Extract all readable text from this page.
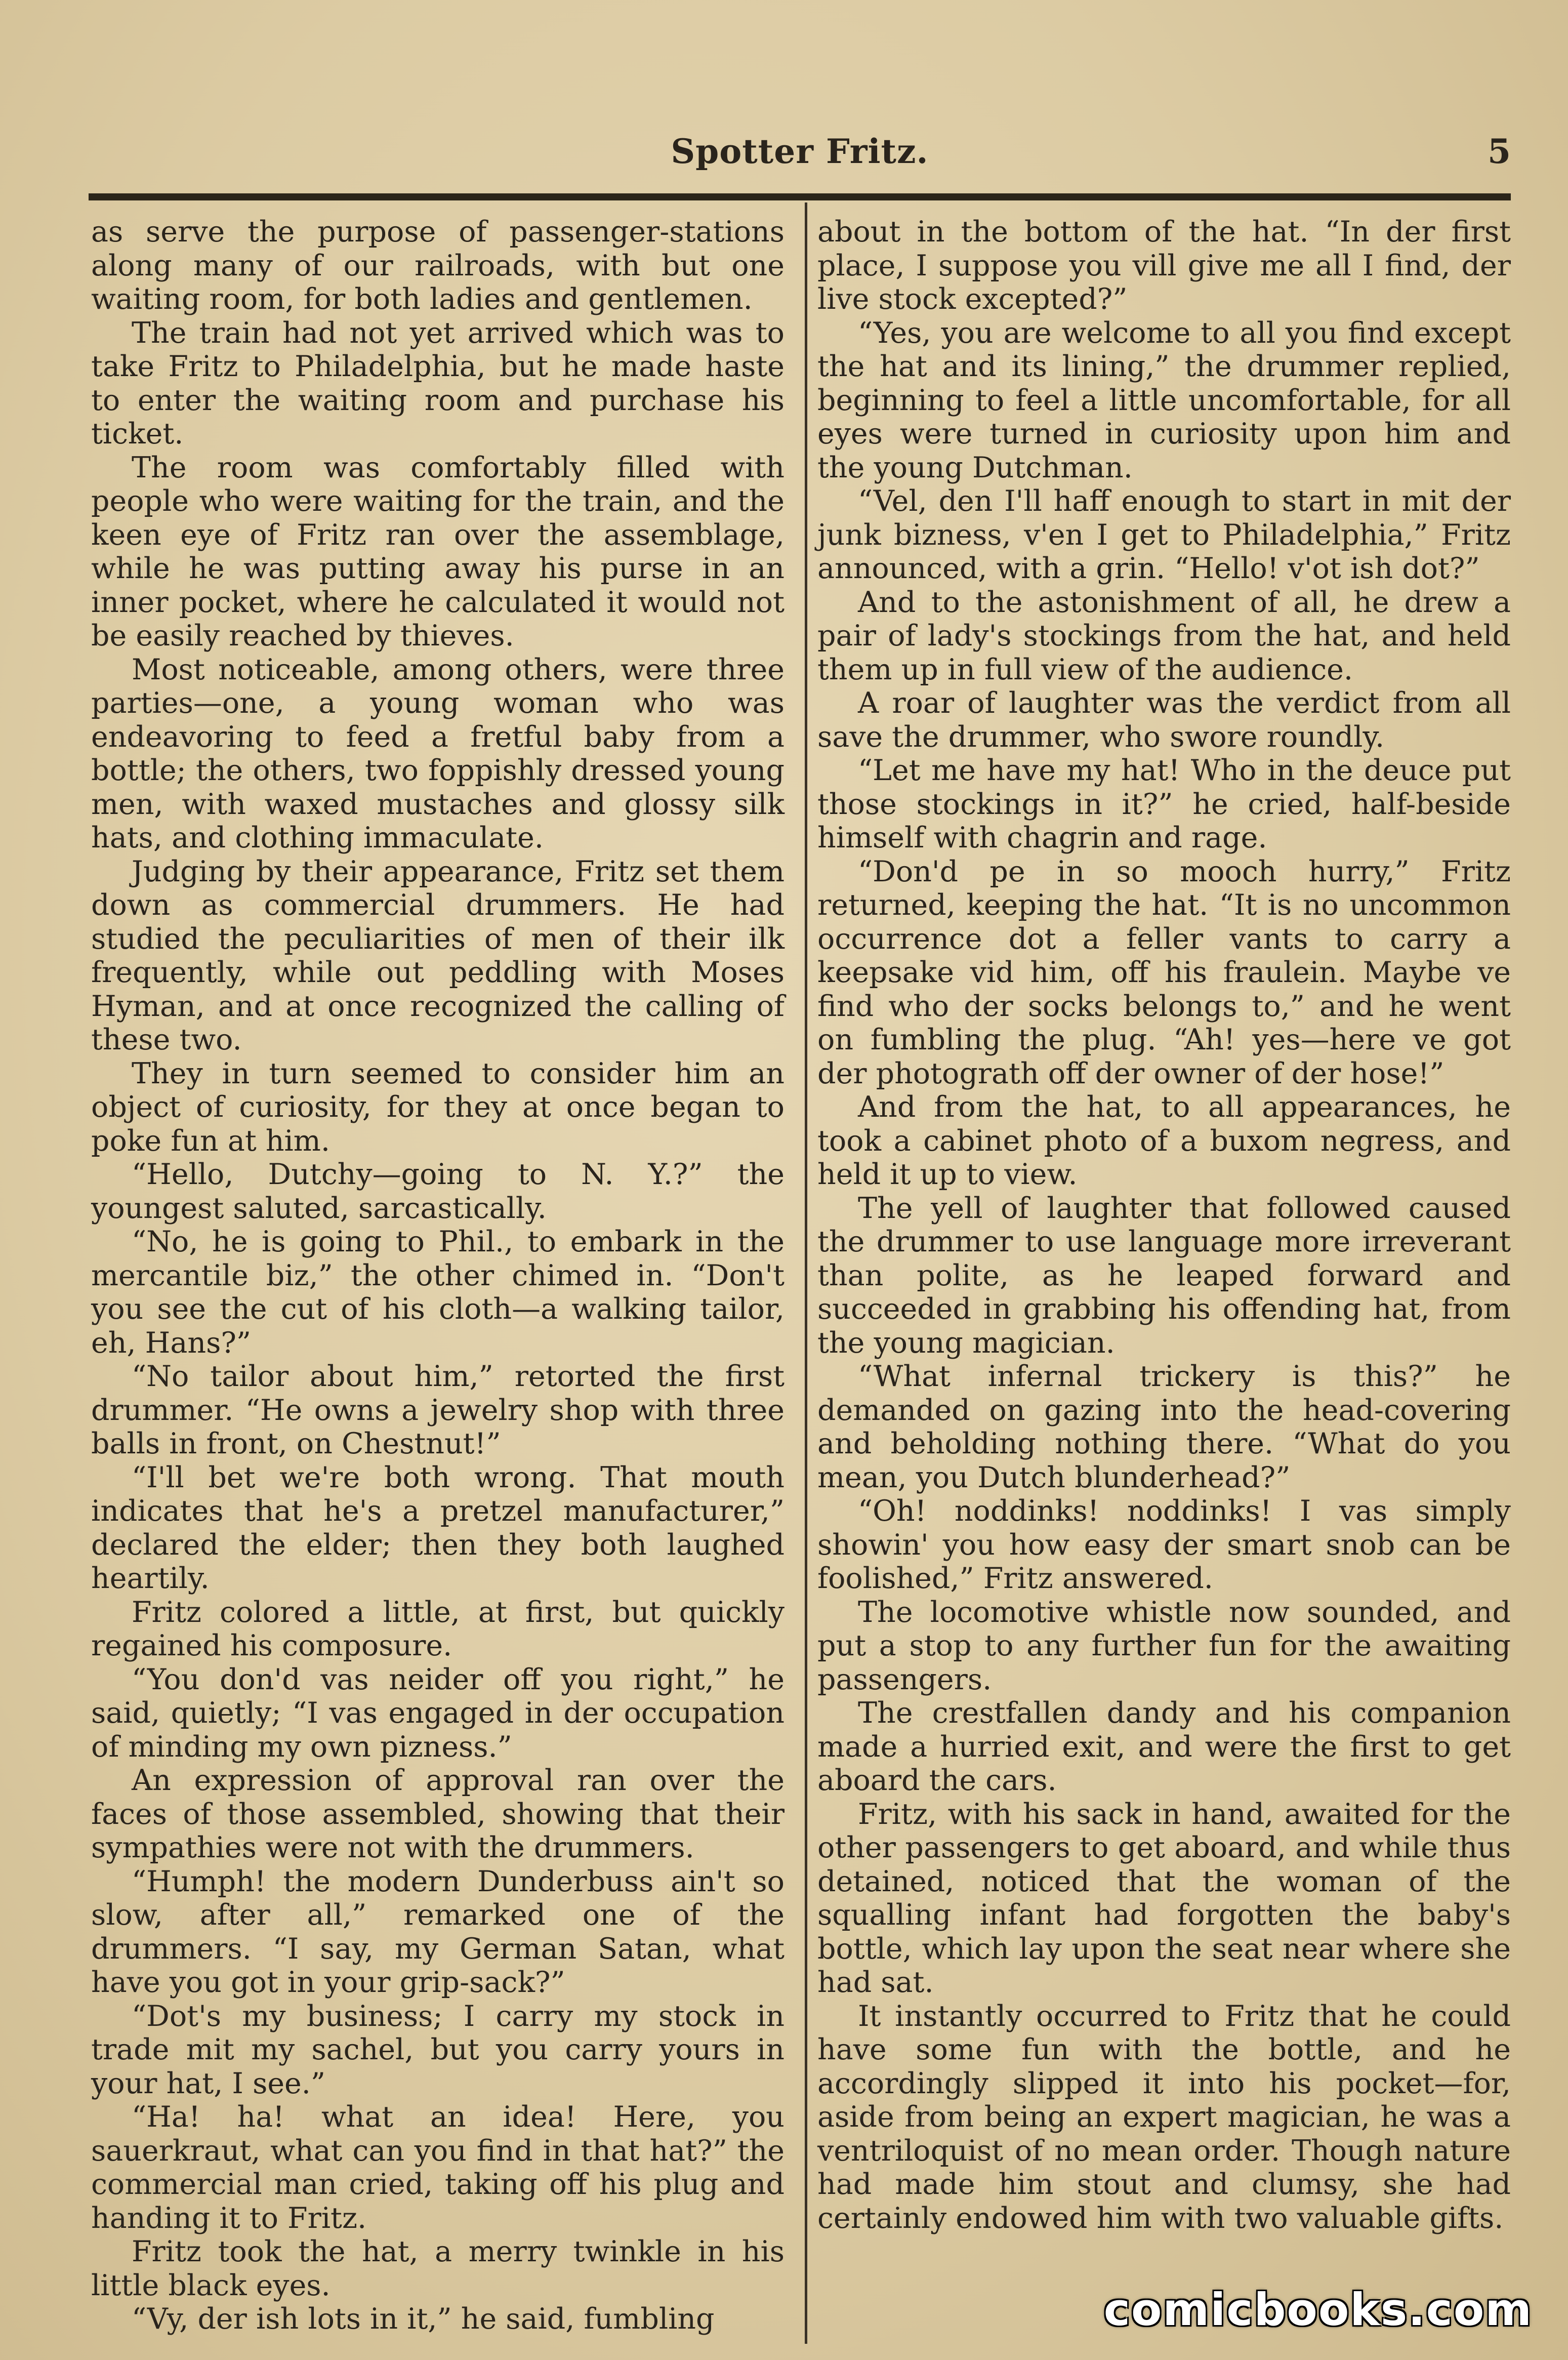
Spotter Fritz.	5

as serve the purpose of passenger-stations along many of our railroads, with but one waiting room, for both ladies and gentlemen.

The train had not yet arrived which was to take Fritz to Philadelphia, but he made haste to enter the waiting room and purchase his ticket.

The room was comfortably filled with people who were waiting for the train, and the keen eye of Fritz ran over the assemblage, while he was putting away his purse in an inner pocket, where he calculated it would not be easily reached by thieves.

Most noticeable, among others, were three parties—one, a young woman who was endeavoring to feed a fretful baby from a bottle; the others, two foppishly dressed young men, with waxed mustaches and glossy silk hats, and clothing immaculate.

Judging by their appearance, Fritz set them down as commercial drummers. He had studied the peculiarities of men of their ilk frequently, while out peddling with Moses Hyman, and at once recognized the calling of these two.

They in turn seemed to consider him an object of curiosity, for they at once began to poke fun at him.

“Hello, Dutchy—going to N. Y.?” the youngest saluted, sarcastically.

“No, he is going to Phil., to embark in the mercantile biz,” the other chimed in. “Don't you see the cut of his cloth—a walking tailor, eh, Hans?”

“No tailor about him,” retorted the first drummer. “He owns a jewelry shop with three balls in front, on Chestnut!”

“I'll bet we're both wrong. That mouth indicates that he's a pretzel manufacturer,” declared the elder; then they both laughed heartily.

Fritz colored a little, at first, but quickly regained his composure.

“You don'd vas neider off you right,” he said, quietly; “I vas engaged in der occupation of minding my own pizness.”

An expression of approval ran over the faces of those assembled, showing that their sympathies were not with the drummers.

“Humph! the modern Dunderbuss ain't so slow, after all,” remarked one of the drummers. “I say, my German Satan, what have you got in your grip-sack?”

“Dot's my business; I carry my stock in trade mit my sachel, but you carry yours in your hat, I see.”

“Ha! ha! what an idea! Here, you sauerkraut, what can you find in that hat?” the commercial man cried, taking off his plug and handing it to Fritz.

Fritz took the hat, a merry twinkle in his little black eyes.

“Vy, der ish lots in it,” he said, fumbling

about in the bottom of the hat. “In der first place, I suppose you vill give me all I find, der live stock excepted?”

“Yes, you are welcome to all you find except the hat and its lining,” the drummer replied, beginning to feel a little uncomfortable, for all eyes were turned in curiosity upon him and the young Dutchman.

“Vel, den I'll haff enough to start in mit der junk bizness, v'en I get to Philadelphia,” Fritz announced, with a grin. “Hello! v'ot ish dot?”

And to the astonishment of all, he drew a pair of lady's stockings from the hat, and held them up in full view of the audience.

A roar of laughter was the verdict from all save the drummer, who swore roundly.

“Let me have my hat! Who in the deuce put those stockings in it?” he cried, half-beside himself with chagrin and rage.

“Don'd pe in so mooch hurry,” Fritz returned, keeping the hat. “It is no uncommon occurrence dot a feller vants to carry a keepsake vid him, off his fraulein. Maybe ve find who der socks belongs to,” and he went on fumbling the plug. “Ah! yes—here ve got der photograth off der owner of der hose!”

And from the hat, to all appearances, he took a cabinet photo of a buxom negress, and held it up to view.

The yell of laughter that followed caused the drummer to use language more irreverant than polite, as he leaped forward and succeeded in grabbing his offending hat, from the young magician.

“What infernal trickery is this?” he demanded on gazing into the head-covering and beholding nothing there. “What do you mean, you Dutch blunderhead?”

“Oh! noddinks! noddinks! I vas simply showin' you how easy der smart snob can be foolished,” Fritz answered.

The locomotive whistle now sounded, and put a stop to any further fun for the awaiting passengers.

The crestfallen dandy and his companion made a hurried exit, and were the first to get aboard the cars.

Fritz, with his sack in hand, awaited for the other passengers to get aboard, and while thus detained, noticed that the woman of the squalling infant had forgotten the baby's bottle, which lay upon the seat near where she had sat.

It instantly occurred to Fritz that he could have some fun with the bottle, and he accordingly slipped it into his pocket—for, aside from being an expert magician, he was a ventriloquist of no mean order. Though nature had made him stout and clumsy, she had certainly endowed him with two valuable gifts.

comicbooks.com
